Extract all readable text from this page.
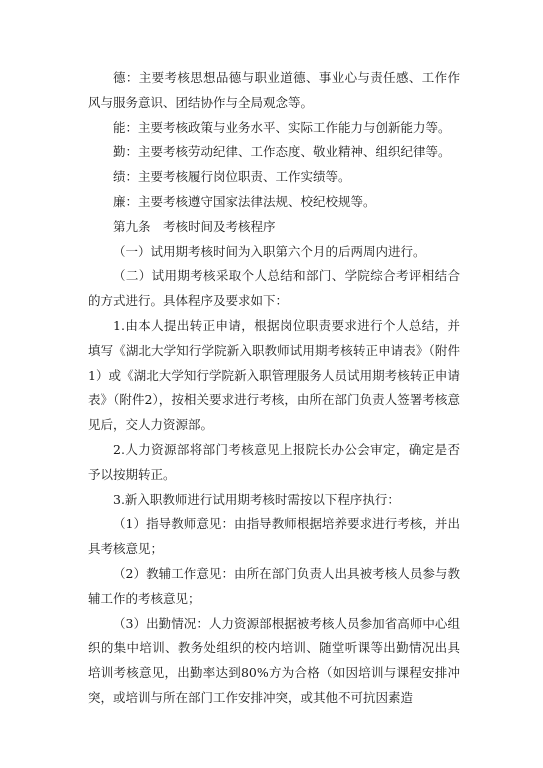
德：主要考核思想品德与职业道德、事业心与责任感、工作作风与服务意识、团结协作与全局观念等。

能：主要考核政策与业务水平、实际工作能力与创新能力等。

勤：主要考核劳动纪律、工作态度、敬业精神、组织纪律等。

绩：主要考核履行岗位职责、工作实绩等。

廉：主要考核遵守国家法律法规、校纪校规等。

第九条　考核时间及考核程序

（一）试用期考核时间为入职第六个月的后两周内进行。

（二）试用期考核采取个人总结和部门、学院综合考评相结合的方式进行。具体程序及要求如下：

1.由本人提出转正申请，根据岗位职责要求进行个人总结，并填写《湖北大学知行学院新入职教师试用期考核转正申请表》（附件1）或《湖北大学知行学院新入职管理服务人员试用期考核转正申请表》（附件2），按相关要求进行考核，由所在部门负责人签署考核意见后，交人力资源部。

2.人力资源部将部门考核意见上报院长办公会审定，确定是否予以按期转正。

3.新入职教师进行试用期考核时需按以下程序执行：

（1）指导教师意见：由指导教师根据培养要求进行考核，并出具考核意见；

（2）教辅工作意见：由所在部门负责人出具被考核人员参与教辅工作的考核意见；

（3）出勤情况：人力资源部根据被考核人员参加省高师中心组织的集中培训、教务处组织的校内培训、随堂听课等出勤情况出具培训考核意见，出勤率达到80%方为合格（如因培训与课程安排冲突，或培训与所在部门工作安排冲突，或其他不可抗因素造
